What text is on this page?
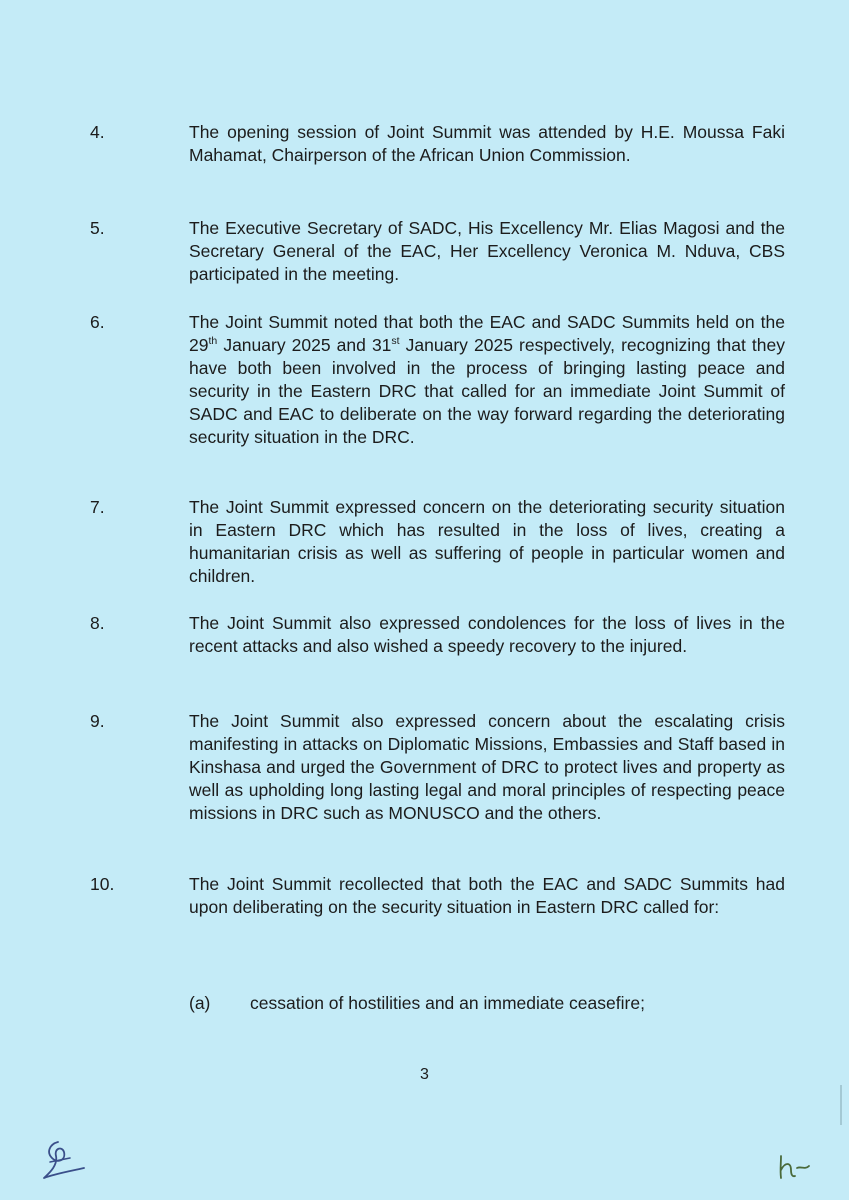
4.	The opening session of Joint Summit was attended by H.E. Moussa Faki Mahamat, Chairperson of the African Union Commission.

5.	The Executive Secretary of SADC, His Excellency Mr. Elias Magosi and the Secretary General of the EAC, Her Excellency Veronica M. Nduva, CBS participated in the meeting.

6.	The Joint Summit noted that both the EAC and SADC Summits held on the 29th January 2025 and 31st January 2025 respectively, recognizing that they have both been involved in the process of bringing lasting peace and security in the Eastern DRC that called for an immediate Joint Summit of SADC and EAC to deliberate on the way forward regarding the deteriorating security situation in the DRC.

7.	The Joint Summit expressed concern on the deteriorating security situation in Eastern DRC which has resulted in the loss of lives, creating a humanitarian crisis as well as suffering of people in particular women and children.

8.	The Joint Summit also expressed condolences for the loss of lives in the recent attacks and also wished a speedy recovery to the injured.

9.	The Joint Summit also expressed concern about the escalating crisis manifesting in attacks on Diplomatic Missions, Embassies and Staff based in Kinshasa and urged the Government of DRC to protect lives and property as well as upholding long lasting legal and moral principles of respecting peace missions in DRC such as MONUSCO and the others.

10.	The Joint Summit recollected that both the EAC and SADC Summits had upon deliberating on the security situation in Eastern DRC called for:

(a) cessation of hostilities and an immediate ceasefire;
3
